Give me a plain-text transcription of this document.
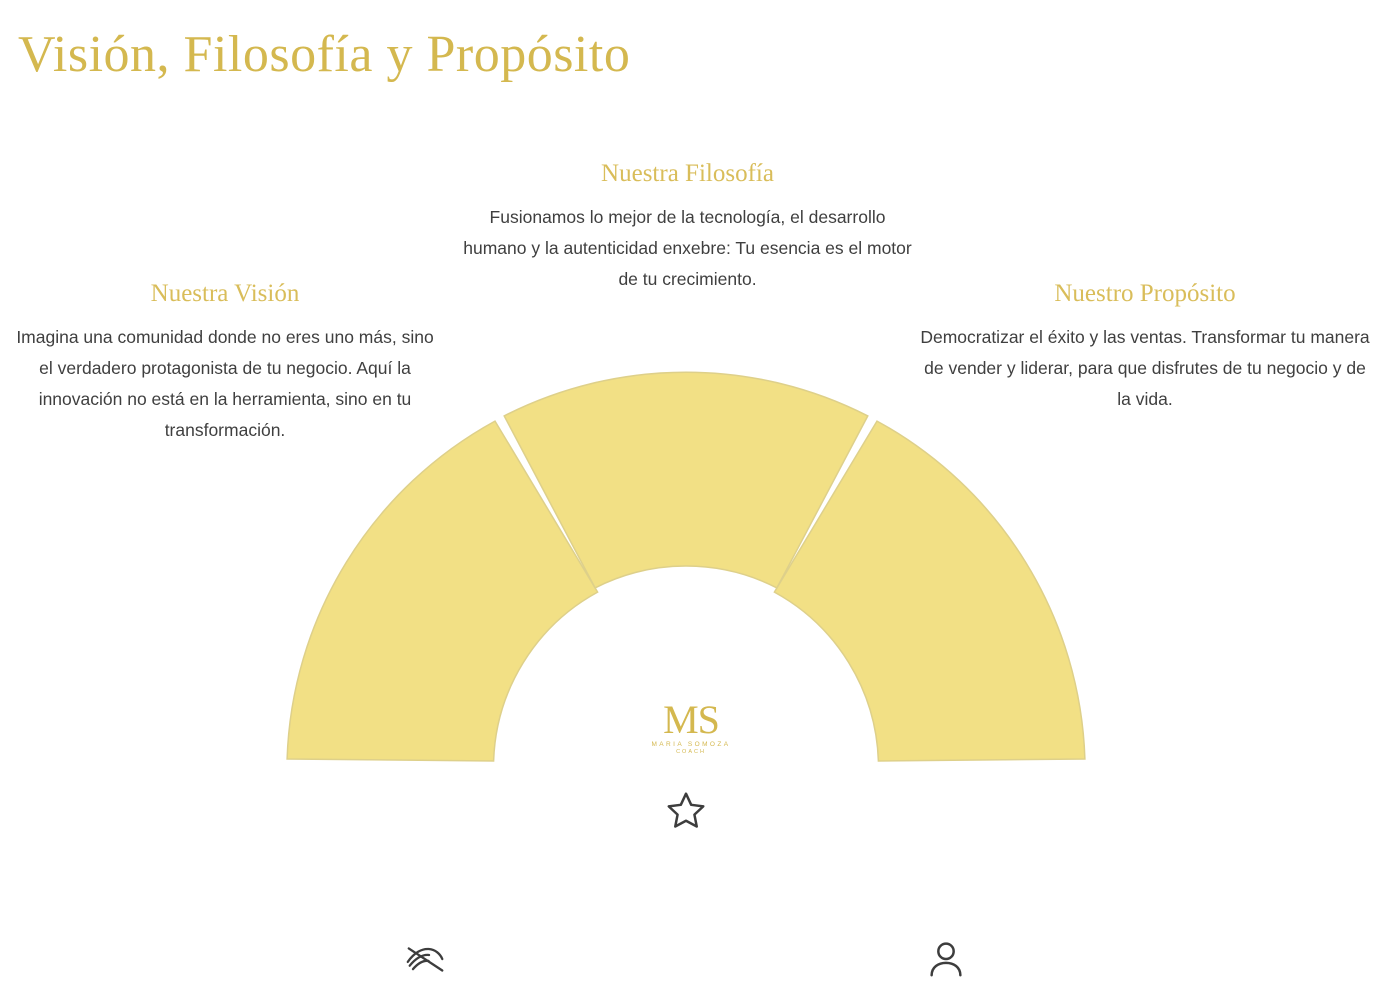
Visión, Filosofía y Propósito
Nuestra Visión
Imagina una comunidad donde no eres uno más, sino el verdadero protagonista de tu negocio. Aquí la innovación no está en la herramienta, sino en tu transformación.
Nuestra Filosofía
Fusionamos lo mejor de la tecnología, el desarrollo humano y la autenticidad enxebre: Tu esencia es el motor de tu crecimiento.
Nuestro Propósito
Democratizar el éxito y las ventas. Transformar tu manera de vender y liderar, para que disfrutes de tu negocio y de la vida.
MS
MARIA SOMOZA
COACH
